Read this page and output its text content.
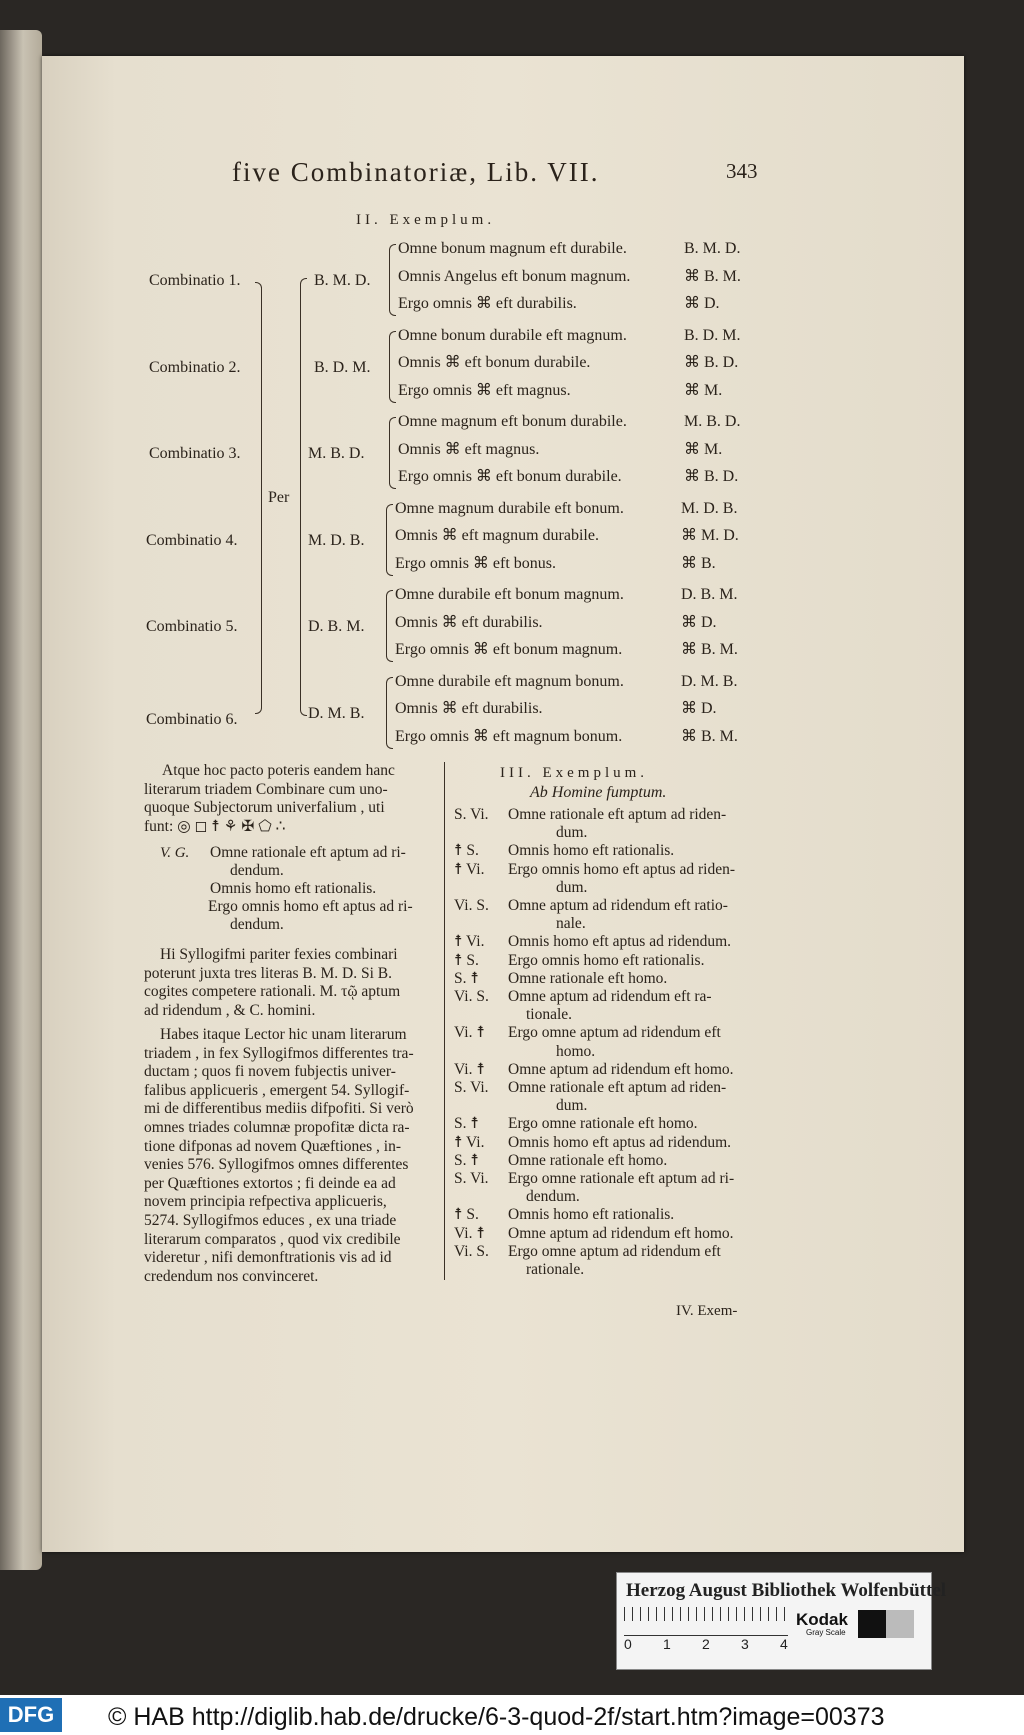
five Combinatoriæ, Lib. VII.	343
II. Exemplum.
Combinatio 1.	B. M. D.
Omne bonum magnum eft durabile.	B. M. D.
Omnis Angelus eft bonum magnum.	⌘ B. M.
Ergo omnis ⌘ eft durabilis.	⌘ D.
Combinatio 2.	B. D. M.
Omne bonum durabile eft magnum.	B. D. M.
Omnis ⌘ eft bonum durabile.	⌘ B. D.
Ergo omnis ⌘ eft magnus.	⌘ M.
Combinatio 3.	M. B. D.
Omne magnum eft bonum durabile.	M. B. D.
Omnis ⌘ eft magnus.	⌘ M.
Ergo omnis ⌘ eft bonum durabile.	⌘ B. D.
Combinatio 4.	M. D. B.
Omne magnum durabile eft bonum.	M. D. B.
Omnis ⌘ eft magnum durabile.	⌘ M. D.
Ergo omnis ⌘ eft bonus.	⌘ B.
Combinatio 5.	D. B. M.
Omne durabile eft bonum magnum.	D. B. M.
Omnis ⌘ eft durabilis.	⌘ D.
Ergo omnis ⌘ eft bonum magnum.	⌘ B. M.
Combinatio 6.	D. M. B.
Omne durabile eft magnum bonum.	D. M. B.
Omnis ⌘ eft durabilis.	⌘ D.
Ergo omnis ⌘ eft magnum bonum.	⌘ B. M.
Per
Atque hoc pacto poteris eandem hanc
literarum triadem Combinare cum uno-
quoque Subjectorum univerfalium , uti
funt: ◎ ◻ ☨ ⚘ ✠ ⬠ ∴
V. G. Omne rationale eft aptum ad ri-
dendum.
Omnis homo eft rationalis.
Ergo omnis homo eft aptus ad ri-
dendum.
Hi Syllogifmi pariter fexies combinari
poterunt juxta tres literas B. M. D. Si B.
cogites competere rationali. M. τῷ aptum
ad ridendum , & C. homini.
Habes itaque Lector hic unam literarum
triadem , in fex Syllogifmos differentes tra-
ductam ; quos fi novem fubjectis univer-
falibus applicueris , emergent 54. Syllogif-
mi de differentibus mediis difpofiti. Si verò
omnes triades columnæ propofitæ dicta ra-
tione difponas ad novem Quæftiones , in-
venies 576. Syllogifmos omnes differentes
per Quæftiones extortos ; fi deinde ea ad
novem principia refpectiva applicueris,
5274. Syllogifmos educes , ex una triade
literarum comparatos , quod vix credibile
videretur , nifi demonftrationis vis ad id
credendum nos convinceret.
III. Exemplum.
Ab Homine fumptum.
S. Vi. Omne rationale eft aptum ad riden-
dum.
☨ S. Omnis homo eft rationalis.
☨ Vi. Ergo omnis homo eft aptus ad riden-
dum.
Vi. S. Omne aptum ad ridendum eft ratio-
nale.
☨ Vi. Omnis homo eft aptus ad ridendum.
☨ S. Ergo omnis homo eft rationalis.
S. ☨ Omne rationale eft homo.
Vi. S. Omne aptum ad ridendum eft ra-
tionale.
Vi. ☨ Ergo omne aptum ad ridendum eft
homo.
Vi. ☨ Omne aptum ad ridendum eft homo.
S. Vi. Omne rationale eft aptum ad riden-
dum.
S. ☨ Ergo omne rationale eft homo.
☨ Vi. Omnis homo eft aptus ad ridendum.
S. ☨ Omne rationale eft homo.
S. Vi. Ergo omne rationale eft aptum ad ri-
dendum.
☨ S. Omnis homo eft rationalis.
Vi. ☨ Omne aptum ad ridendum eft homo.
Vi. S. Ergo omne aptum ad ridendum eft
rationale.
IV. Exem-
Herzog August Bibliothek Wolfenbüttel
0 1 2 3 4
Kodak
Gray Scale
DFG	© HAB http://diglib.hab.de/drucke/6-3-quod-2f/start.htm?image=00373
